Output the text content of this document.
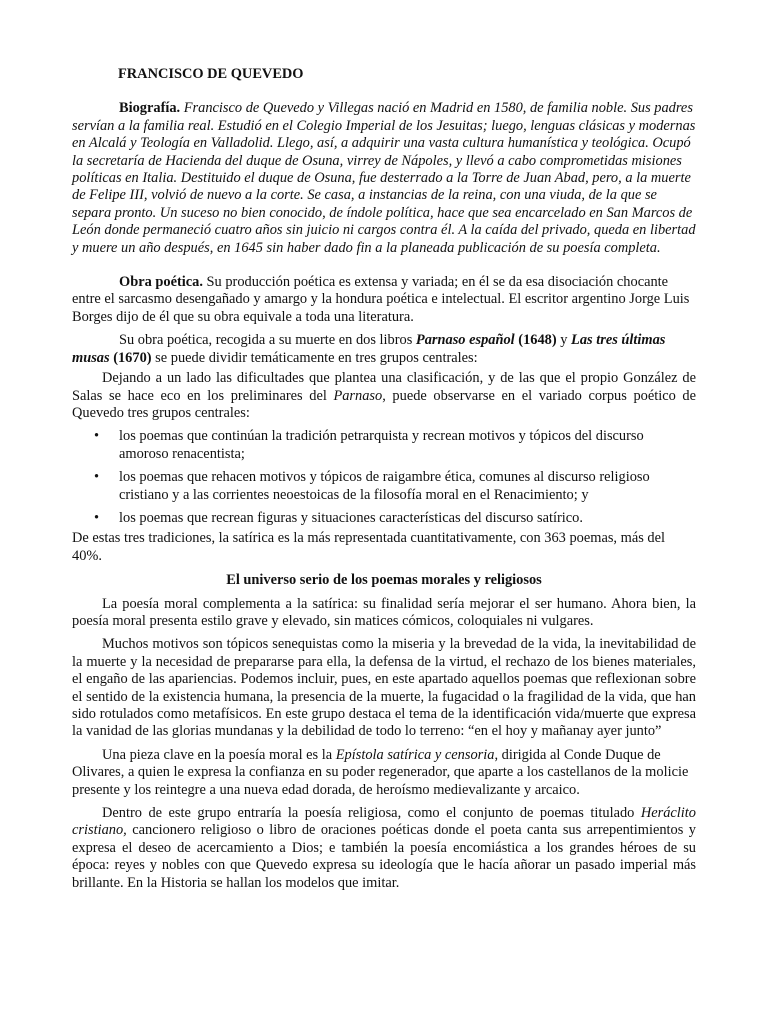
FRANCISCO DE QUEVEDO

Biografía. Francisco de Quevedo y Villegas nació en Madrid en 1580, de familia noble. Sus padres servían a la familia real. Estudió en el Colegio Imperial de los Jesuitas; luego, lenguas clásicas y modernas en Alcalá y Teología en Valladolid. Llego, así, a adquirir una vasta cultura humanística y teológica. Ocupó la secretaría de Hacienda del duque de Osuna, virrey de Nápoles, y llevó a cabo comprometidas misiones políticas en Italia. Destituido el duque de Osuna, fue desterrado a la Torre de Juan Abad, pero, a la muerte de Felipe III, volvió de nuevo a la corte. Se casa, a instancias de la reina, con una viuda, de la que se separa pronto. Un suceso no bien conocido, de índole política, hace que sea encarcelado en San Marcos de León donde permaneció cuatro años sin juicio ni cargos contra él. A la caída del privado, queda en libertad y muere un año después, en 1645 sin haber dado fin a la planeada publicación de su poesía completa.

Obra poética. Su producción poética es extensa y variada; en él se da esa disociación chocante entre el sarcasmo desengañado y amargo y la hondura poética e intelectual. El escritor argentino Jorge Luis Borges dijo de él que su obra equivale a toda una literatura.

Su obra poética, recogida a su muerte en dos libros Parnaso español (1648) y Las tres últimas musas (1670) se puede dividir temáticamente en tres grupos centrales:

Dejando a un lado las dificultades que plantea una clasificación, y de las que el propio González de Salas se hace eco en los preliminares del Parnaso, puede observarse en el variado corpus poético de Quevedo tres grupos centrales:

• los poemas que continúan la tradición petrarquista y recrean motivos y tópicos del discurso amoroso renacentista;
• los poemas que rehacen motivos y tópicos de raigambre ética, comunes al discurso religioso cristiano y a las corrientes neoestoicas de la filosofía moral en el Renacimiento; y
• los poemas que recrean figuras y situaciones características del discurso satírico.

De estas tres tradiciones, la satírica es la más representada cuantitativamente, con 363 poemas, más del 40%.

El universo serio de los poemas morales y religiosos

La poesía moral complementa a la satírica: su finalidad sería mejorar el ser humano. Ahora bien, la poesía moral presenta estilo grave y elevado, sin matices cómicos, coloquiales ni vulgares.

Muchos motivos son tópicos senequistas como la miseria y la brevedad de la vida, la inevitabilidad de la muerte y la necesidad de prepararse para ella, la defensa de la virtud, el rechazo de los bienes materiales, el engaño de las apariencias. Podemos incluir, pues, en este apartado aquellos poemas que reflexionan sobre el sentido de la existencia humana, la presencia de la muerte, la fugacidad o la fragilidad de la vida, que han sido rotulados como metafísicos. En este grupo destaca el tema de la identificación vida/muerte que expresa la vanidad de las glorias mundanas y la debilidad de todo lo terreno: “en el hoy y mañanay ayer junto”

Una pieza clave en la poesía moral es la Epístola satírica y censoria, dirigida al Conde Duque de Olivares, a quien le expresa la confianza en su poder regenerador, que aparte a los castellanos de la molicie presente y los reintegre a una nueva edad dorada, de heroísmo medievalizante y arcaico.

Dentro de este grupo entraría la poesía religiosa, como el conjunto de poemas titulado Heráclito cristiano, cancionero religioso o libro de oraciones poéticas donde el poeta canta sus arrepentimientos y expresa el deseo de acercamiento a Dios; e también la poesía encomiástica a los grandes héroes de su época: reyes y nobles con que Quevedo expresa su ideología que le hacía añorar un pasado imperial más brillante. En la Historia se hallan los modelos que imitar.
